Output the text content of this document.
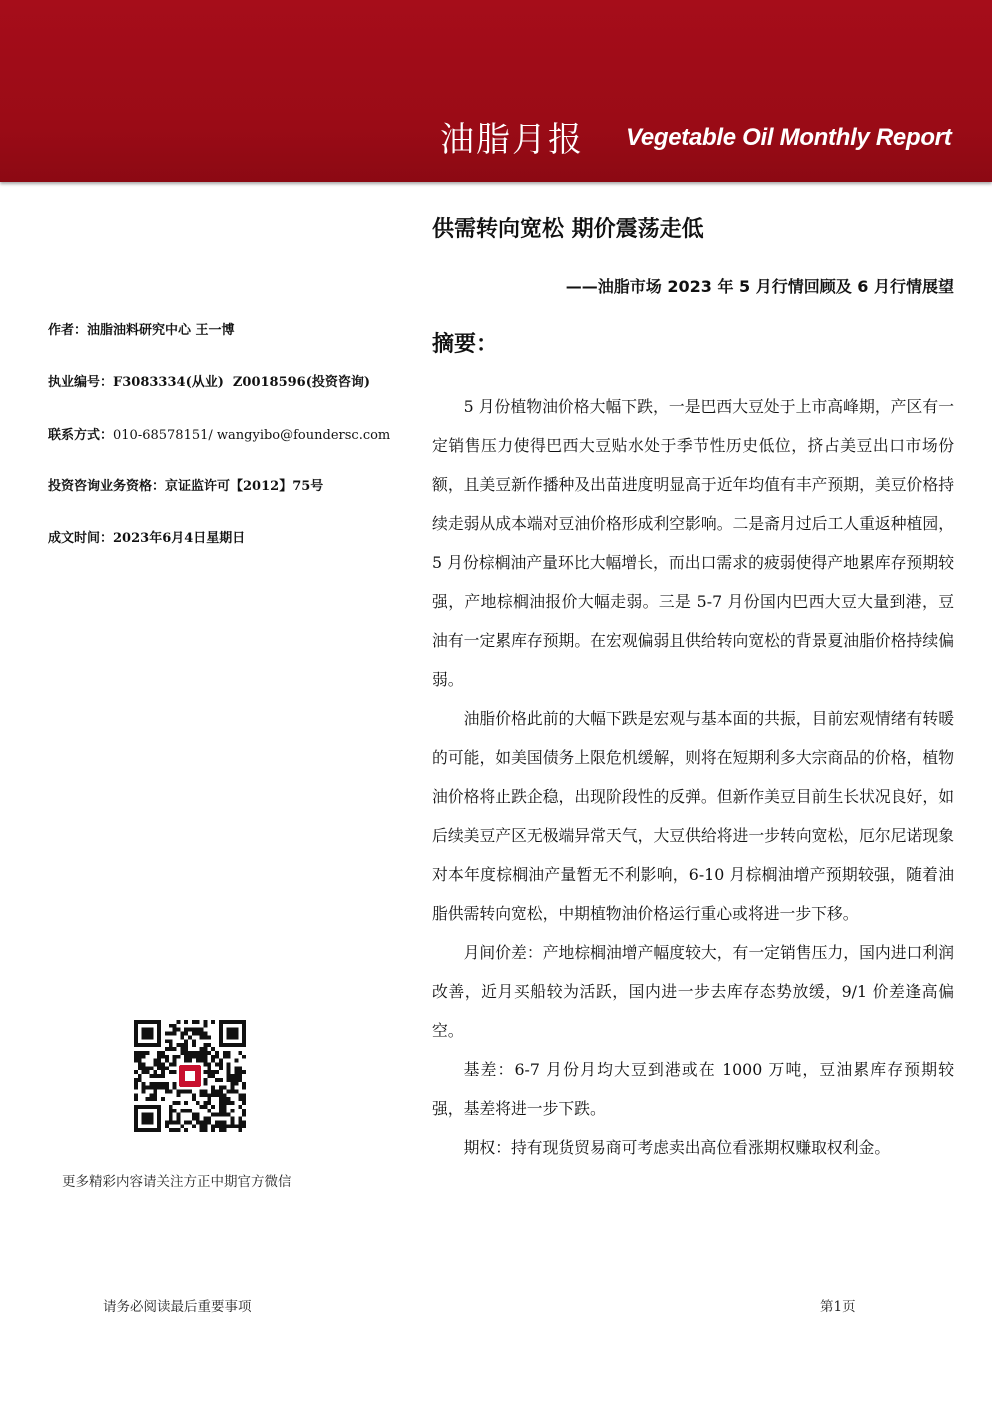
油脂月报 Vegetable Oil Monthly Report
供需转向宽松 期价震荡走低
——油脂市场 2023 年 5 月行情回顾及 6 月行情展望
作者：油脂油料研究中心 王一博
执业编号：F3083334(从业)  Z0018596(投资咨询)
联系方式：010-68578151/ wangyibo@foundersc.com
投资咨询业务资格：京证监许可【2012】75号
成文时间：2023年6月4日星期日
摘要：

5 月份植物油价格大幅下跌，一是巴西大豆处于上市高峰期，产区有一定销售压力使得巴西大豆贴水处于季节性历史低位，挤占美豆出口市场份额，且美豆新作播种及出苗进度明显高于近年均值有丰产预期，美豆价格持续走弱从成本端对豆油价格形成利空影响。二是斋月过后工人重返种植园，5 月份棕榈油产量环比大幅增长，而出口需求的疲弱使得产地累库存预期较强，产地棕榈油报价大幅走弱。三是 5-7 月份国内巴西大豆大量到港，豆油有一定累库存预期。在宏观偏弱且供给转向宽松的背景夏油脂价格持续偏弱。

油脂价格此前的大幅下跌是宏观与基本面的共振，目前宏观情绪有转暖的可能，如美国债务上限危机缓解，则将在短期利多大宗商品的价格，植物油价格将止跌企稳，出现阶段性的反弹。但新作美豆目前生长状况良好，如后续美豆产区无极端异常天气，大豆供给将进一步转向宽松，厄尔尼诺现象对本年度棕榈油产量暂无不利影响，6-10 月棕榈油增产预期较强，随着油脂供需转向宽松，中期植物油价格运行重心或将进一步下移。

月间价差：产地棕榈油增产幅度较大，有一定销售压力，国内进口利润改善，近月买船较为活跃，国内进一步去库存态势放缓，9/1 价差逢高偏空。

基差：6-7 月份月均大豆到港或在 1000 万吨，豆油累库存预期较强，基差将进一步下跌。

期权：持有现货贸易商可考虑卖出高位看涨期权赚取权利金。

更多精彩内容请关注方正中期官方微信
请务必阅读最后重要事项	第1页
